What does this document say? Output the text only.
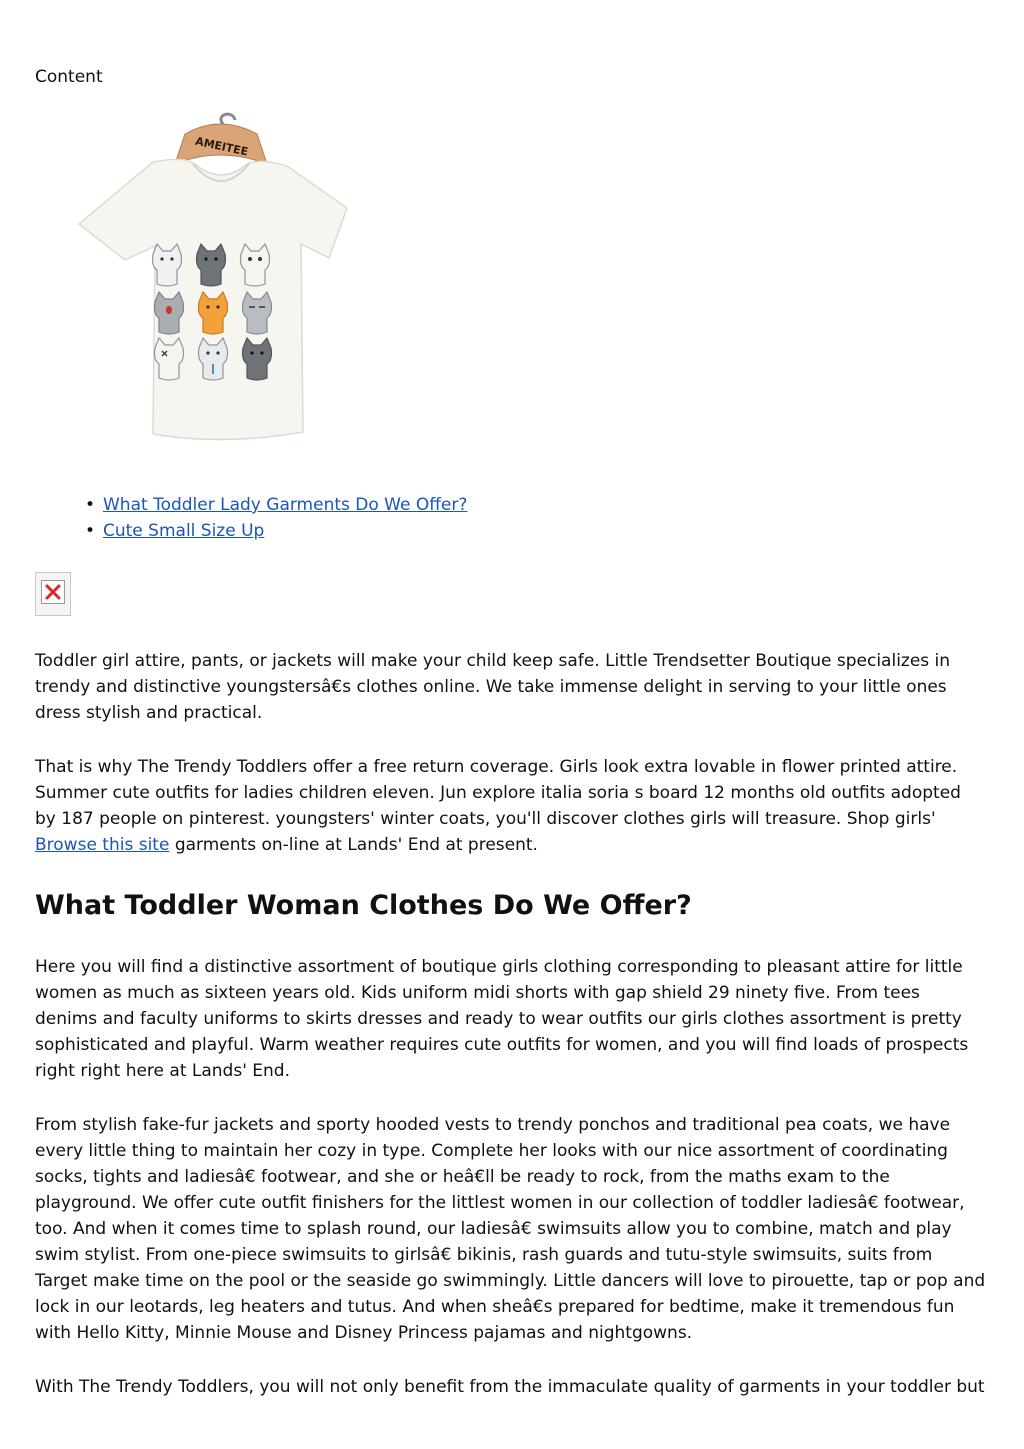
Content
AMEITEE
• What Toddler Lady Garments Do We Offer?
• Cute Small Size Up

Toddler girl attire, pants, or jackets will make your child keep safe. Little Trendsetter Boutique specializes in trendy and distinctive youngstersâ€s clothes online. We take immense delight in serving to your little ones dress stylish and practical.

That is why The Trendy Toddlers offer a free return coverage. Girls look extra lovable in flower printed attire. Summer cute outfits for ladies children eleven. Jun explore italia soria s board 12 months old outfits adopted by 187 people on pinterest. youngsters' winter coats, you'll discover clothes girls will treasure. Shop girls' Browse this site garments on-line at Lands' End at present.

What Toddler Woman Clothes Do We Offer?

Here you will find a distinctive assortment of boutique girls clothing corresponding to pleasant attire for little women as much as sixteen years old. Kids uniform midi shorts with gap shield 29 ninety five. From tees denims and faculty uniforms to skirts dresses and ready to wear outfits our girls clothes assortment is pretty sophisticated and playful. Warm weather requires cute outfits for women, and you will find loads of prospects right right here at Lands' End.

From stylish fake-fur jackets and sporty hooded vests to trendy ponchos and traditional pea coats, we have every little thing to maintain her cozy in type. Complete her looks with our nice assortment of coordinating socks, tights and ladiesâ€ footwear, and she or heâ€ll be ready to rock, from the maths exam to the playground. We offer cute outfit finishers for the littlest women in our collection of toddler ladiesâ€ footwear, too. And when it comes time to splash round, our ladiesâ€ swimsuits allow you to combine, match and play swim stylist. From one-piece swimsuits to girlsâ€ bikinis, rash guards and tutu-style swimsuits, suits from Target make time on the pool or the seaside go swimmingly. Little dancers will love to pirouette, tap or pop and lock in our leotards, leg heaters and tutus. And when sheâ€s prepared for bedtime, make it tremendous fun with Hello Kitty, Minnie Mouse and Disney Princess pajamas and nightgowns.

With The Trendy Toddlers, you will not only benefit from the immaculate quality of garments in your toddler but
